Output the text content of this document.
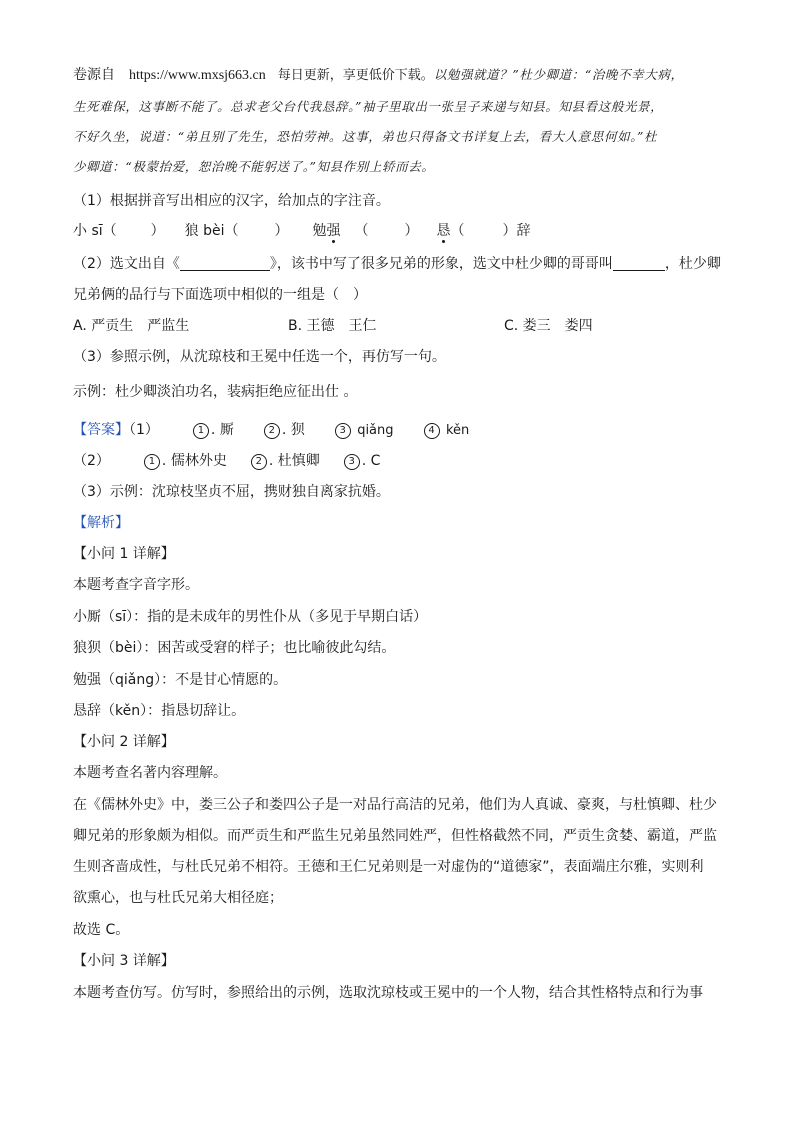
卷源自 https://www.mxsj663.cn 每日更新，享更低价下载。以勉强就道？”杜少卿道：“治晚不幸大病，
生死难保，这事断不能了。总求老父台代我恳辞。”袖子里取出一张呈子来递与知县。知县看这般光景，
不好久坐，说道：“弟且别了先生，恐怕劳神。这事，弟也只得备文书详复上去，看大人意思何如。”杜
少卿道：“极蒙抬爱，恕治晚不能躬送了。”知县作别上轿而去。
（1）根据拼音写出相应的汉字，给加点的字注音。
小 sī（ ） 狼 bèi（	） 勉强 （	） 恳（	）辞
（2）选文出自《	》，该书中写了很多兄弟的形象，选文中杜少卿的哥哥叫	，杜少卿
兄弟俩的品行与下面选项中相似的一组是（　）
A. 严贡生　严监生	B. 王德　王仁	C. 娄三　娄四
（3）参照示例，从沈琼枝和王冕中任选一个，再仿写一句。
示例：杜少卿淡泊功名，装病拒绝应征出仕 。
【答案】（1）	1 . 厮	2 . 狈	3 qiǎng	4 kěn
（2）	1 . 儒林外史	2 . 杜慎卿	3 . C
（3）示例：沈琼枝坚贞不屈，携财独自离家抗婚。
【解析】
【小问 1 详解】
本题考查字音字形。
小厮（sī）：指的是未成年的男性仆从（多见于早期白话）
狼狈（bèi）：困苦或受窘的样子；也比喻彼此勾结。
勉强（qiǎng）：不是甘心情愿的。
恳辞（kěn）：指恳切辞让。
【小问 2 详解】
本题考查名著内容理解。
在《儒林外史》中，娄三公子和娄四公子是一对品行高洁的兄弟，他们为人真诚、豪爽，与杜慎卿、杜少
卿兄弟的形象颇为相似。而严贡生和严监生兄弟虽然同姓严，但性格截然不同，严贡生贪婪、霸道，严监
生则吝啬成性，与杜氏兄弟不相符。王德和王仁兄弟则是一对虚伪的“道德家”，表面端庄尔雅，实则利
欲熏心，也与杜氏兄弟大相径庭；
故选 C。
【小问 3 详解】
本题考查仿写。仿写时，参照给出的示例，选取沈琼枝或王冕中的一个人物，结合其性格特点和行为事
